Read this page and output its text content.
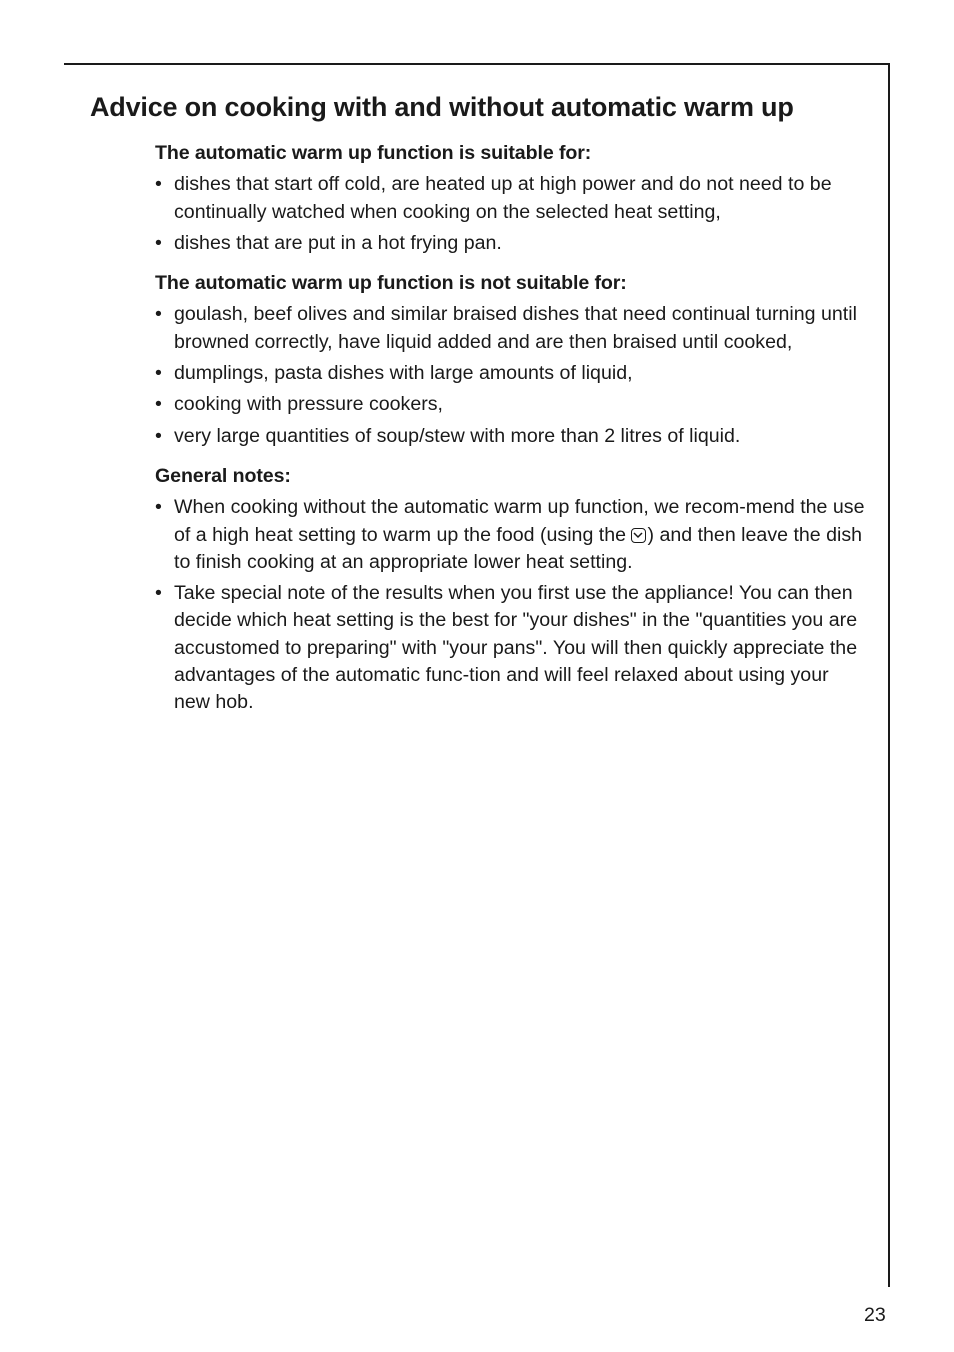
Advice on cooking with and without automatic warm up
The automatic warm up function is suitable for:
• dishes that start off cold, are heated up at high power and do not need to be continually watched when cooking on the selected heat setting,
• dishes that are put in a hot frying pan.
The automatic warm up function is not suitable for:
• goulash, beef olives and similar braised dishes that need continual turning until browned correctly, have liquid added and are then braised until cooked,
• dumplings, pasta dishes with large amounts of liquid,
• cooking with pressure cookers,
• very large quantities of soup/stew with more than 2 litres of liquid.
General notes:
• When cooking without the automatic warm up function, we recom-mend the use of a high heat setting to warm up the food (using the
) and then leave the dish to finish cooking at an appropriate lower heat setting.
• Take special note of the results when you first use the appliance! You can then decide which heat setting is the best for "your dishes" in the "quantities you are accustomed to preparing" with "your pans". You will then quickly appreciate the advantages of the automatic func-tion and will feel relaxed about using your new hob.
23
